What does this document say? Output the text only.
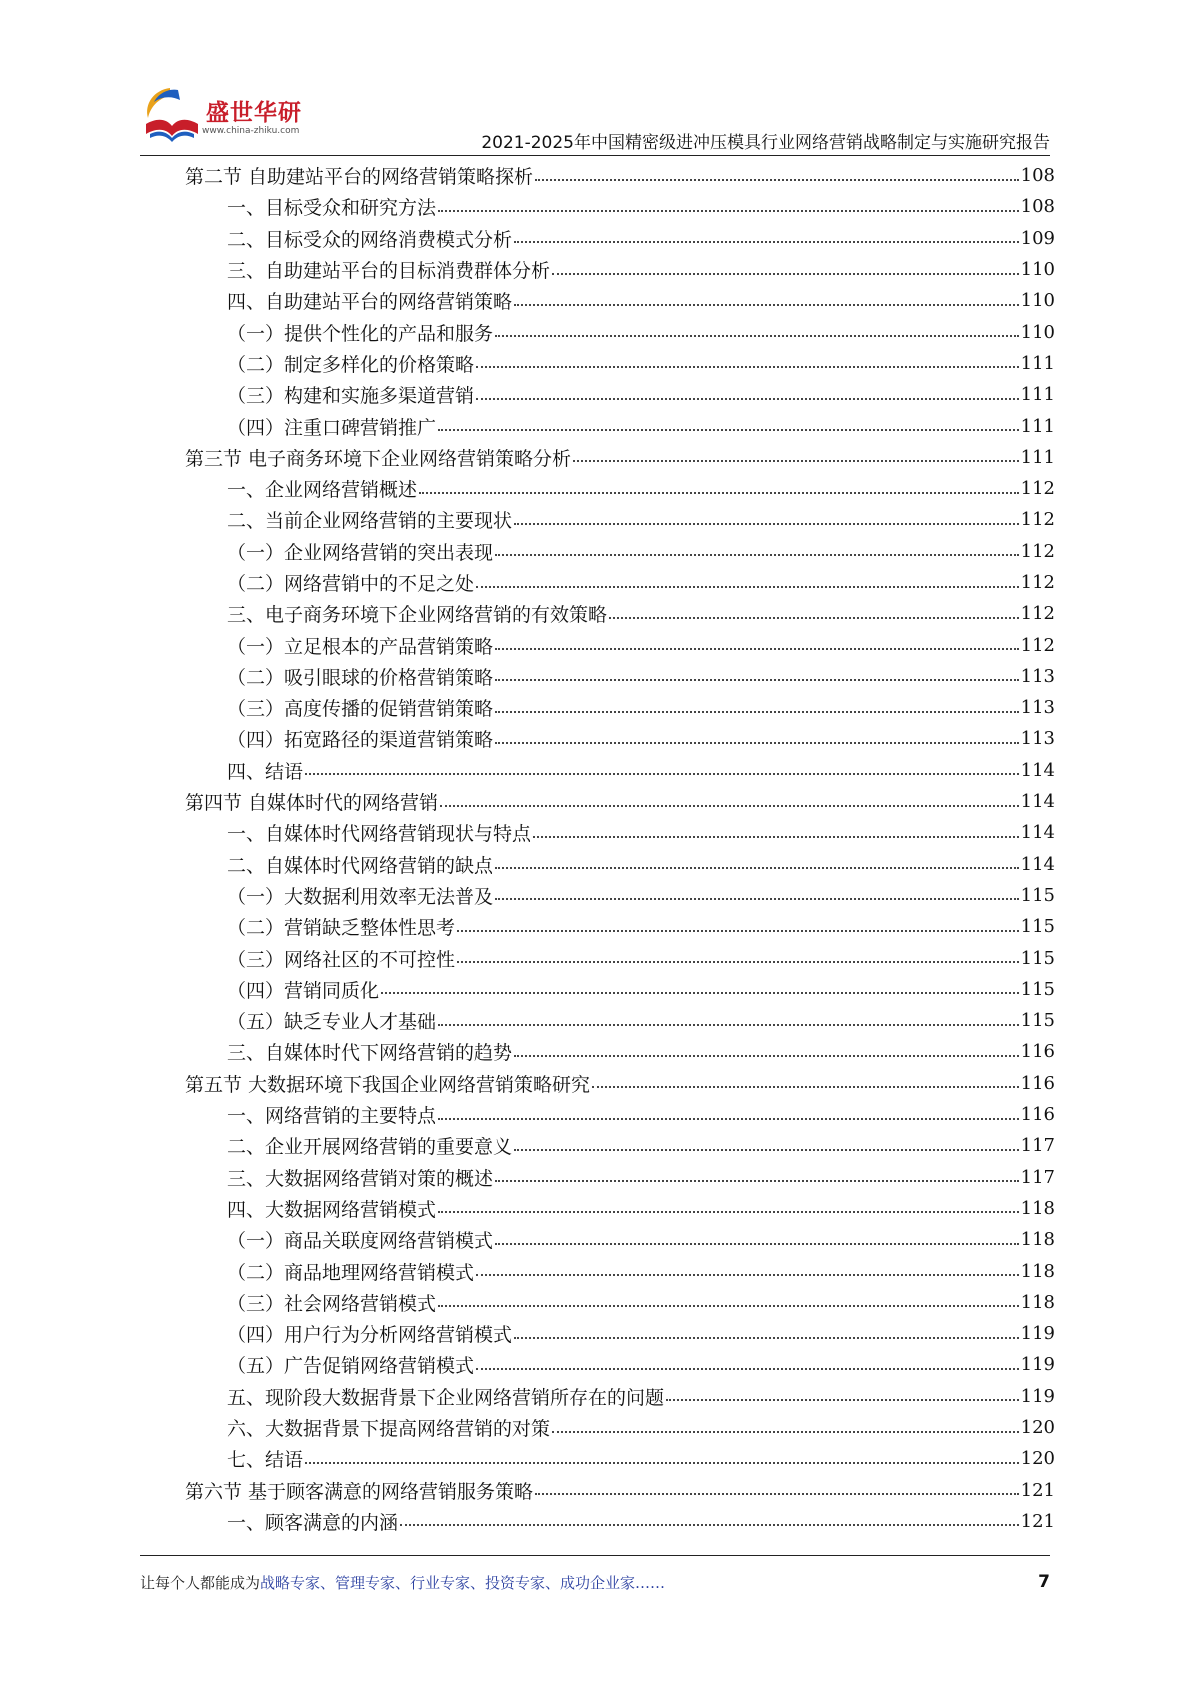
盛世华研
www.china-zhiku.com
2021-2025年中国精密级进冲压模具行业网络营销战略制定与实施研究报告
第二节 自助建站平台的网络营销策略探析	108
一、目标受众和研究方法	108
二、目标受众的网络消费模式分析	109
三、自助建站平台的目标消费群体分析	110
四、自助建站平台的网络营销策略	110
（一）提供个性化的产品和服务	110
（二）制定多样化的价格策略	111
（三）构建和实施多渠道营销	111
（四）注重口碑营销推广	111
第三节 电子商务环境下企业网络营销策略分析	111
一、企业网络营销概述	112
二、当前企业网络营销的主要现状	112
（一）企业网络营销的突出表现	112
（二）网络营销中的不足之处	112
三、电子商务环境下企业网络营销的有效策略	112
（一）立足根本的产品营销策略	112
（二）吸引眼球的价格营销策略	113
（三）高度传播的促销营销策略	113
（四）拓宽路径的渠道营销策略	113
四、结语	114
第四节 自媒体时代的网络营销	114
一、自媒体时代网络营销现状与特点	114
二、自媒体时代网络营销的缺点	114
（一）大数据利用效率无法普及	115
（二）营销缺乏整体性思考	115
（三）网络社区的不可控性	115
（四）营销同质化	115
（五）缺乏专业人才基础	115
三、自媒体时代下网络营销的趋势	116
第五节 大数据环境下我国企业网络营销策略研究	116
一、网络营销的主要特点	116
二、企业开展网络营销的重要意义	117
三、大数据网络营销对策的概述	117
四、大数据网络营销模式	118
（一）商品关联度网络营销模式	118
（二）商品地理网络营销模式	118
（三）社会网络营销模式	118
（四）用户行为分析网络营销模式	119
（五）广告促销网络营销模式	119
五、现阶段大数据背景下企业网络营销所存在的问题	119
六、大数据背景下提高网络营销的对策	120
七、结语	120
第六节 基于顾客满意的网络营销服务策略	121
一、顾客满意的内涵	121
让每个人都能成为战略专家、管理专家、行业专家、投资专家、成功企业家……	7
